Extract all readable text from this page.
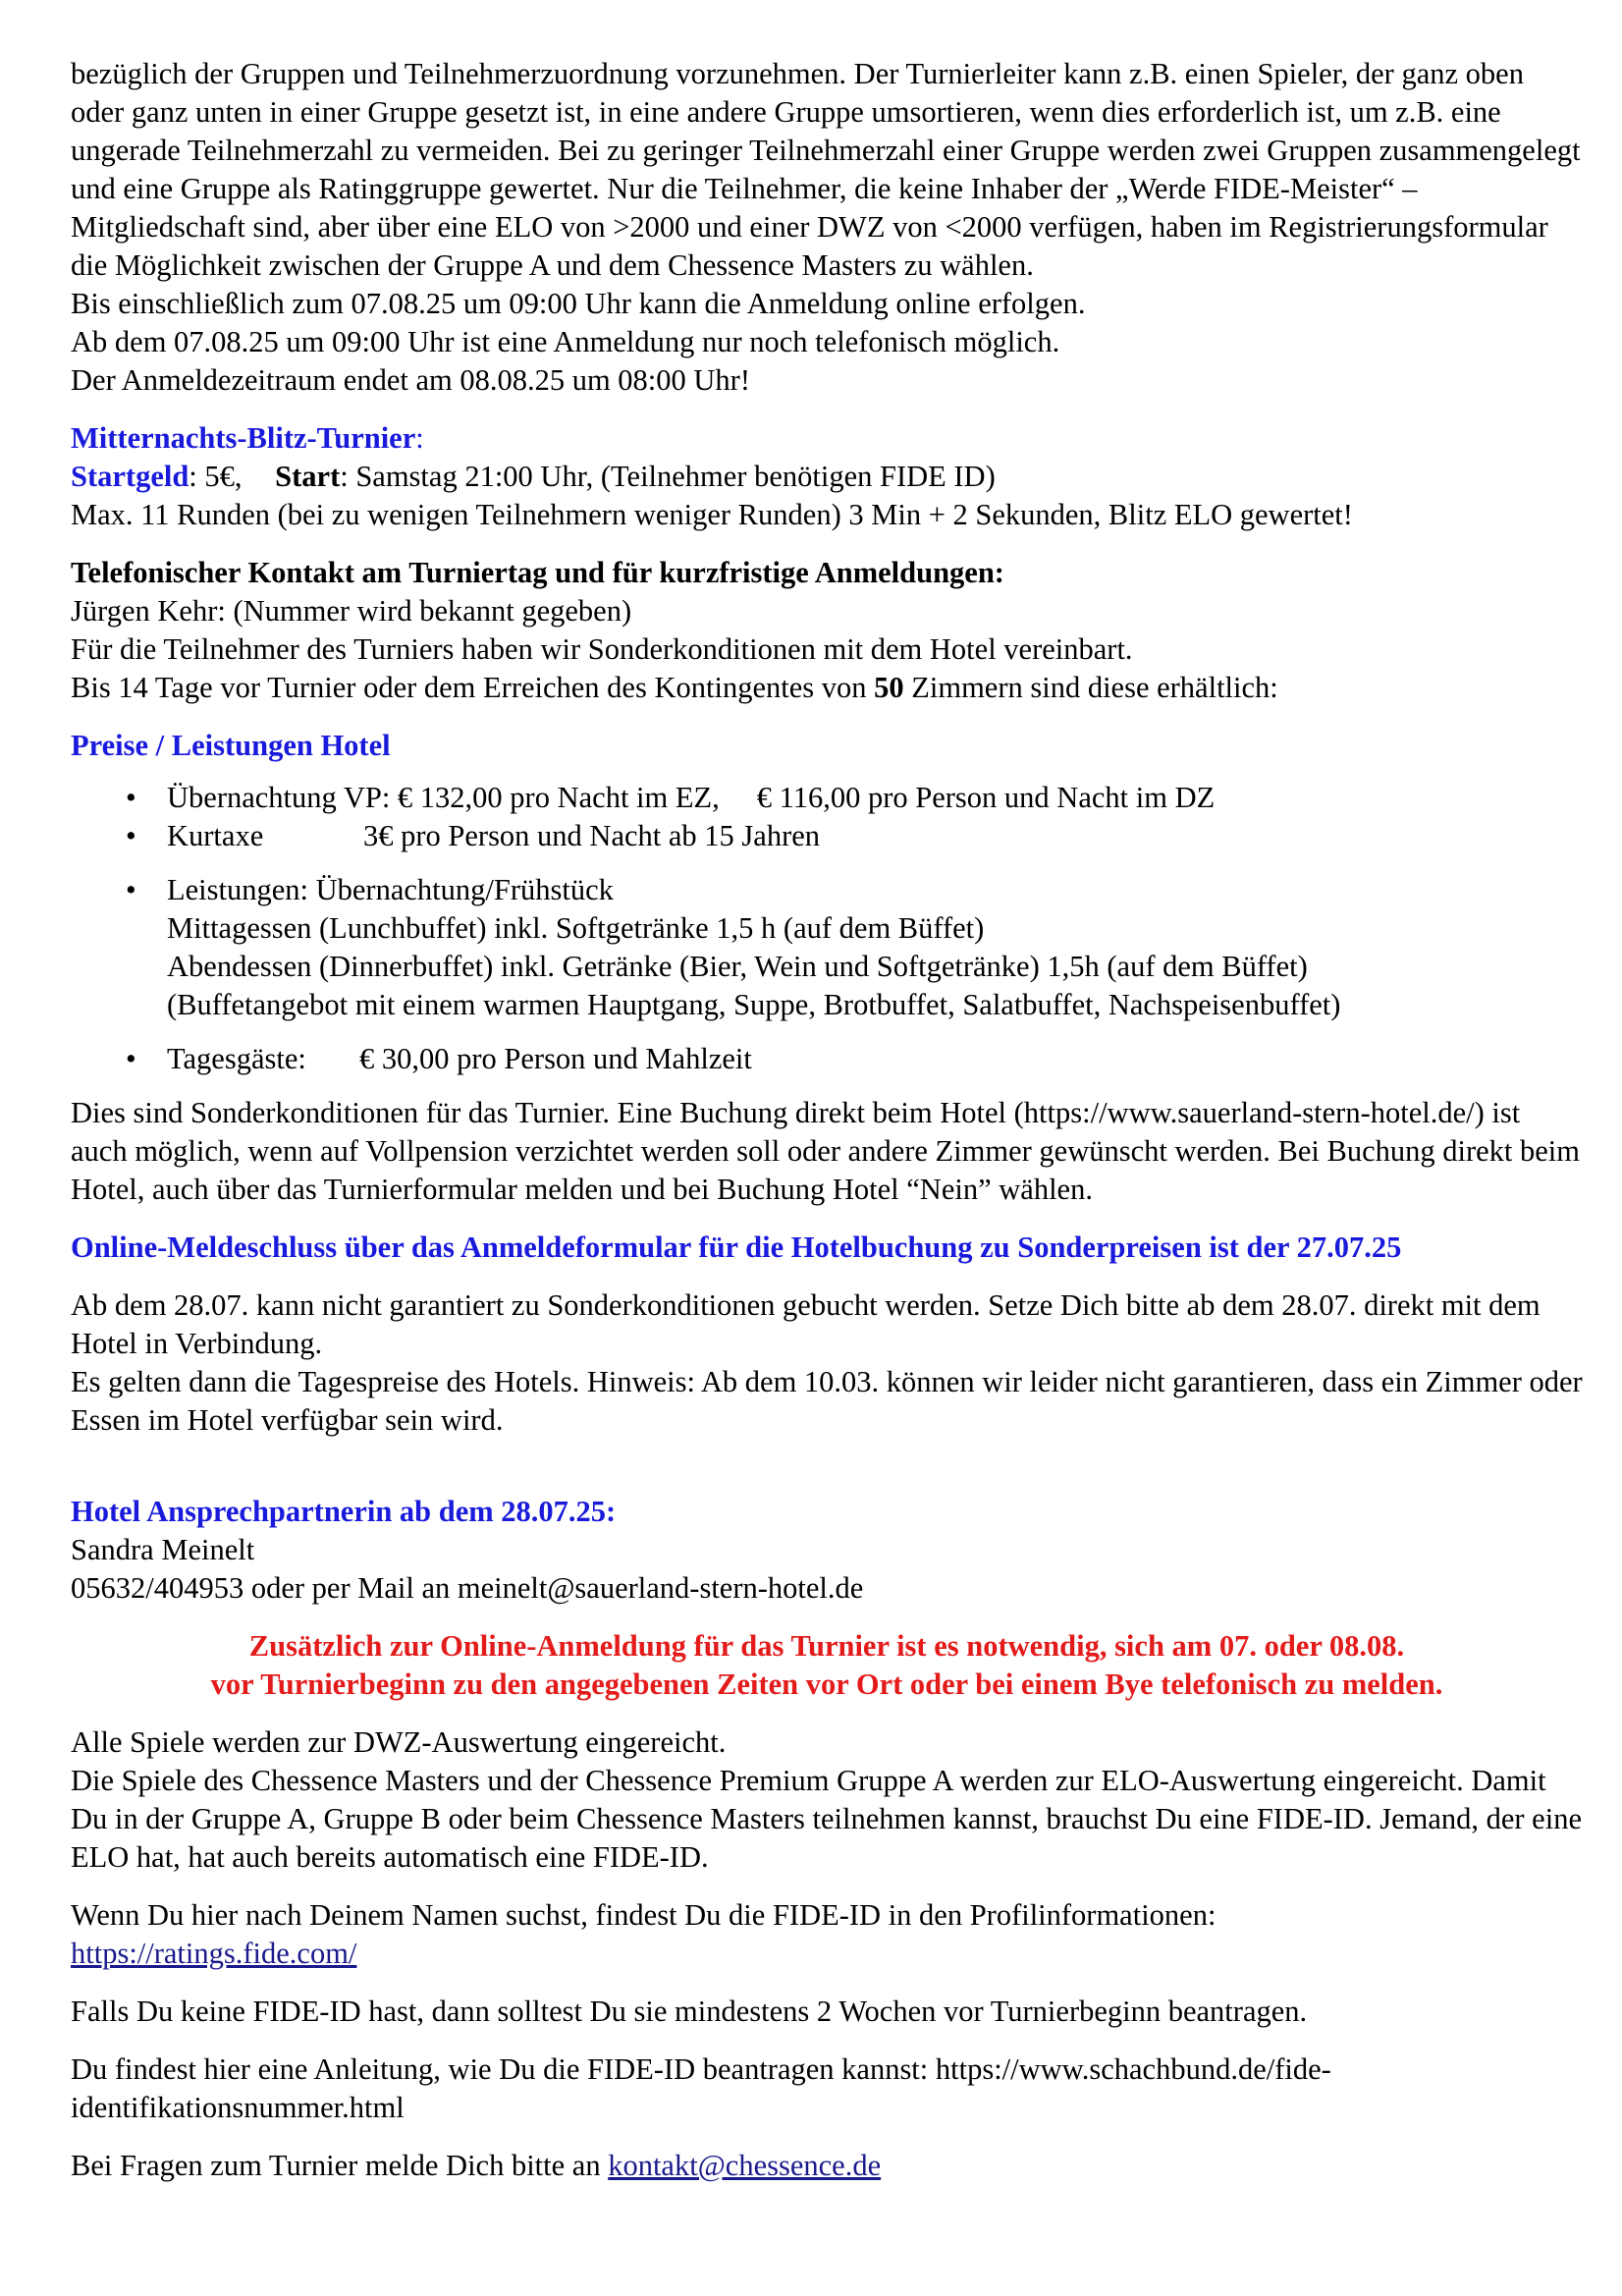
bezüglich der Gruppen und Teilnehmerzuordnung vorzunehmen. Der Turnierleiter kann z.B. einen Spieler, der ganz oben oder ganz unten in einer Gruppe gesetzt ist, in eine andere Gruppe umsortieren, wenn dies erforderlich ist, um z.B. eine ungerade Teilnehmerzahl zu vermeiden. Bei zu geringer Teilnehmerzahl einer Gruppe werden zwei Gruppen zusammengelegt und eine Gruppe als Ratinggruppe gewertet. Nur die Teilnehmer, die keine Inhaber der „Werde FIDE-Meister“ – Mitgliedschaft sind, aber über eine ELO von >2000 und einer DWZ von <2000 verfügen, haben im Registrierungsformular die Möglichkeit zwischen der Gruppe A und dem Chessence Masters zu wählen.

Bis einschließlich zum 07.08.25 um 09:00 Uhr kann die Anmeldung online erfolgen.

Ab dem 07.08.25 um 09:00 Uhr ist eine Anmeldung nur noch telefonisch möglich.

Der Anmeldezeitraum endet am 08.08.25 um 08:00 Uhr!

Mitternachts-Blitz-Turnier:

Startgeld: 5€, Start: Samstag 21:00 Uhr, (Teilnehmer benötigen FIDE ID)

Max. 11 Runden (bei zu wenigen Teilnehmern weniger Runden) 3 Min + 2 Sekunden, Blitz ELO gewertet!

Telefonischer Kontakt am Turniertag und für kurzfristige Anmeldungen:

Jürgen Kehr: (Nummer wird bekannt gegeben)

Für die Teilnehmer des Turniers haben wir Sonderkonditionen mit dem Hotel vereinbart.

Bis 14 Tage vor Turnier oder dem Erreichen des Kontingentes von 50 Zimmern sind diese erhältlich:

Preise / Leistungen Hotel

• Übernachtung VP: € 132,00 pro Nacht im EZ, € 116,00 pro Person und Nacht im DZ
• Kurtaxe	3€ pro Person und Nacht ab 15 Jahren
• Leistungen: Übernachtung/Frühstück
Mittagessen (Lunchbuffet) inkl. Softgetränke 1,5 h (auf dem Büffet)
Abendessen (Dinnerbuffet) inkl. Getränke (Bier, Wein und Softgetränke) 1,5h (auf dem Büffet)
(Buffetangebot mit einem warmen Hauptgang, Suppe, Brotbuffet, Salatbuffet, Nachspeisenbuffet)
• Tagesgäste: € 30,00 pro Person und Mahlzeit

Dies sind Sonderkonditionen für das Turnier. Eine Buchung direkt beim Hotel (https://www.sauerland-stern-hotel.de/) ist auch möglich, wenn auf Vollpension verzichtet werden soll oder andere Zimmer gewünscht werden. Bei Buchung direkt beim Hotel, auch über das Turnierformular melden und bei Buchung Hotel “Nein” wählen.

Online-Meldeschluss über das Anmeldeformular für die Hotelbuchung zu Sonderpreisen ist der 27.07.25

Ab dem 28.07. kann nicht garantiert zu Sonderkonditionen gebucht werden. Setze Dich bitte ab dem 28.07. direkt mit dem Hotel in Verbindung.

Es gelten dann die Tagespreise des Hotels. Hinweis: Ab dem 10.03. können wir leider nicht garantieren, dass ein Zimmer oder Essen im Hotel verfügbar sein wird.

Hotel Ansprechpartnerin ab dem 28.07.25:

Sandra Meinelt

05632/404953 oder per Mail an meinelt@sauerland-stern-hotel.de

Zusätzlich zur Online-Anmeldung für das Turnier ist es notwendig, sich am 07. oder 08.08.
vor Turnierbeginn zu den angegebenen Zeiten vor Ort oder bei einem Bye telefonisch zu melden.

Alle Spiele werden zur DWZ-Auswertung eingereicht.

Die Spiele des Chessence Masters und der Chessence Premium Gruppe A werden zur ELO-Auswertung eingereicht. Damit Du in der Gruppe A, Gruppe B oder beim Chessence Masters teilnehmen kannst, brauchst Du eine FIDE-ID. Jemand, der eine ELO hat, hat auch bereits automatisch eine FIDE-ID.

Wenn Du hier nach Deinem Namen suchst, findest Du die FIDE-ID in den Profilinformationen:

https://ratings.fide.com/

Falls Du keine FIDE-ID hast, dann solltest Du sie mindestens 2 Wochen vor Turnierbeginn beantragen.

Du findest hier eine Anleitung, wie Du die FIDE-ID beantragen kannst: https://www.schachbund.de/fide-identifikationsnummer.html

Bei Fragen zum Turnier melde Dich bitte an kontakt@chessence.de
